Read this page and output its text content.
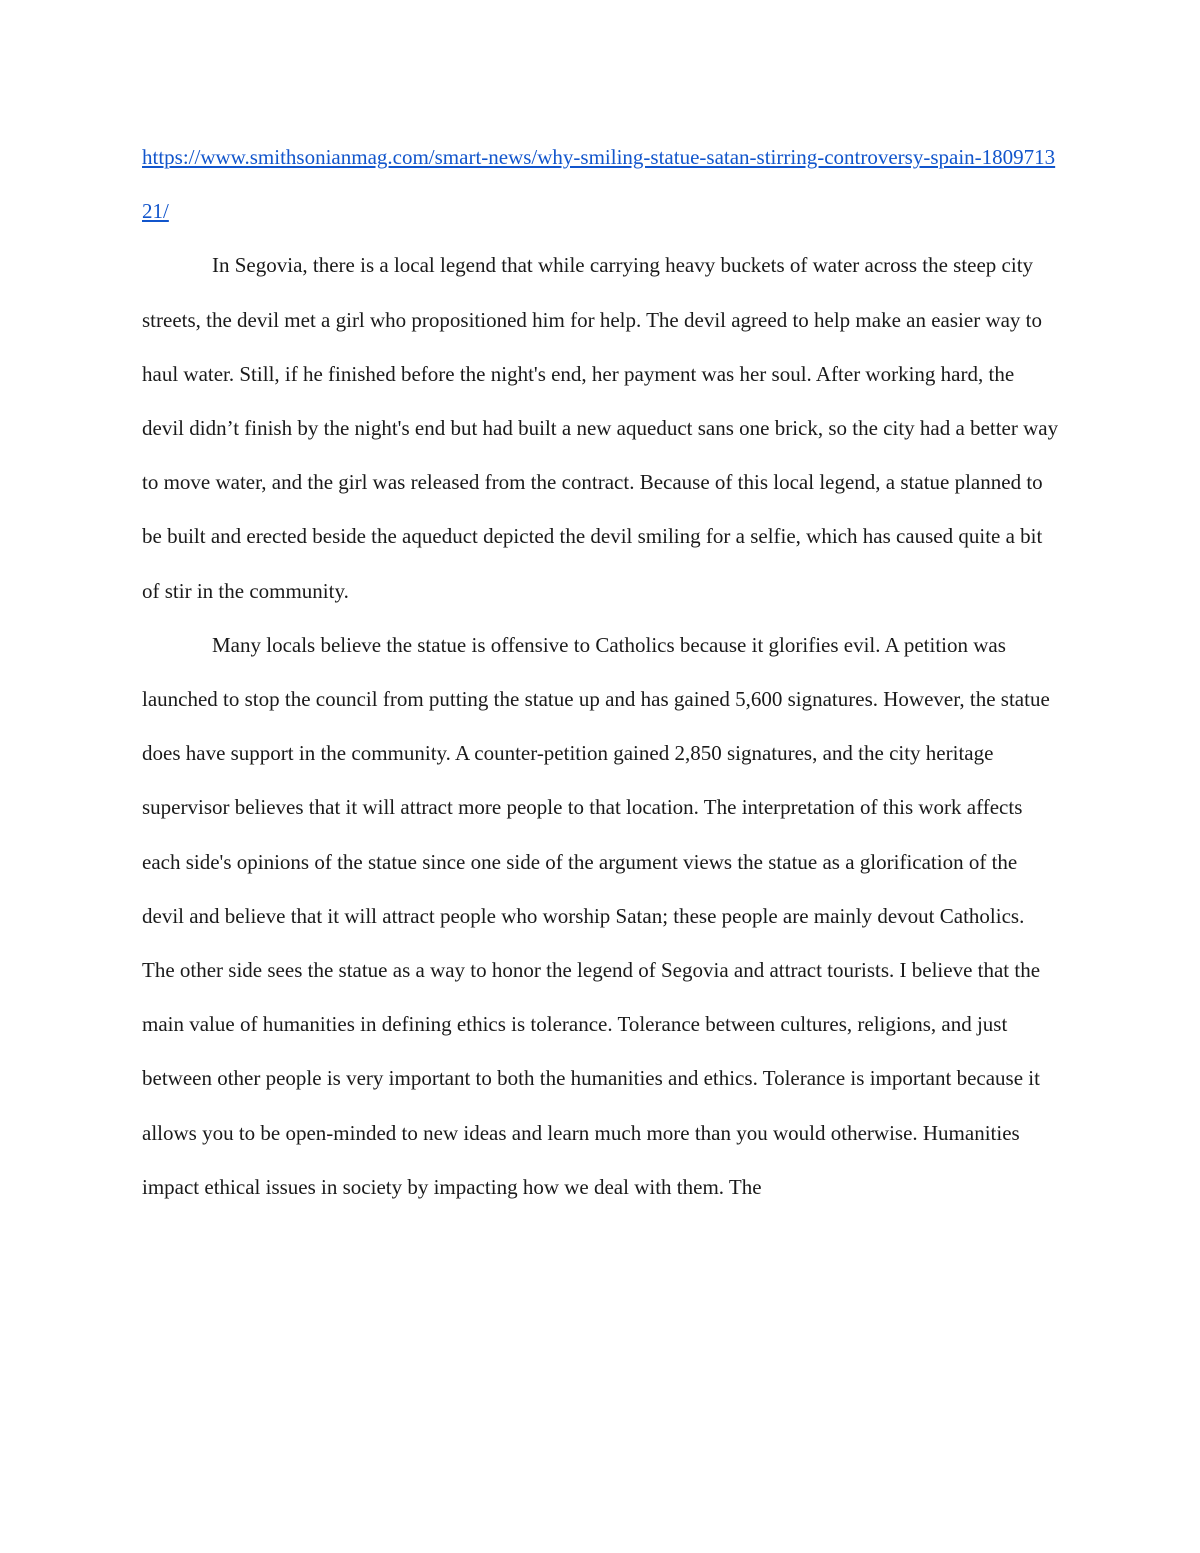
https://www.smithsonianmag.com/smart-news/why-smiling-statue-satan-stirring-controversy-spain-180971321/

In Segovia, there is a local legend that while carrying heavy buckets of water across the steep city streets, the devil met a girl who propositioned him for help. The devil agreed to help make an easier way to haul water. Still, if he finished before the night's end, her payment was her soul. After working hard, the devil didn’t finish by the night's end but had built a new aqueduct sans one brick, so the city had a better way to move water, and the girl was released from the contract. Because of this local legend, a statue planned to be built and erected beside the aqueduct depicted the devil smiling for a selfie, which has caused quite a bit of stir in the community.

Many locals believe the statue is offensive to Catholics because it glorifies evil. A petition was launched to stop the council from putting the statue up and has gained 5,600 signatures. However, the statue does have support in the community. A counter-petition gained 2,850 signatures, and the city heritage supervisor believes that it will attract more people to that location. The interpretation of this work affects each side's opinions of the statue since one side of the argument views the statue as a glorification of the devil and believe that it will attract people who worship Satan; these people are mainly devout Catholics. The other side sees the statue as a way to honor the legend of Segovia and attract tourists. I believe that the main value of humanities in defining ethics is tolerance. Tolerance between cultures, religions, and just between other people is very important to both the humanities and ethics. Tolerance is important because it allows you to be open-minded to new ideas and learn much more than you would otherwise. Humanities impact ethical issues in society by impacting how we deal with them. The
